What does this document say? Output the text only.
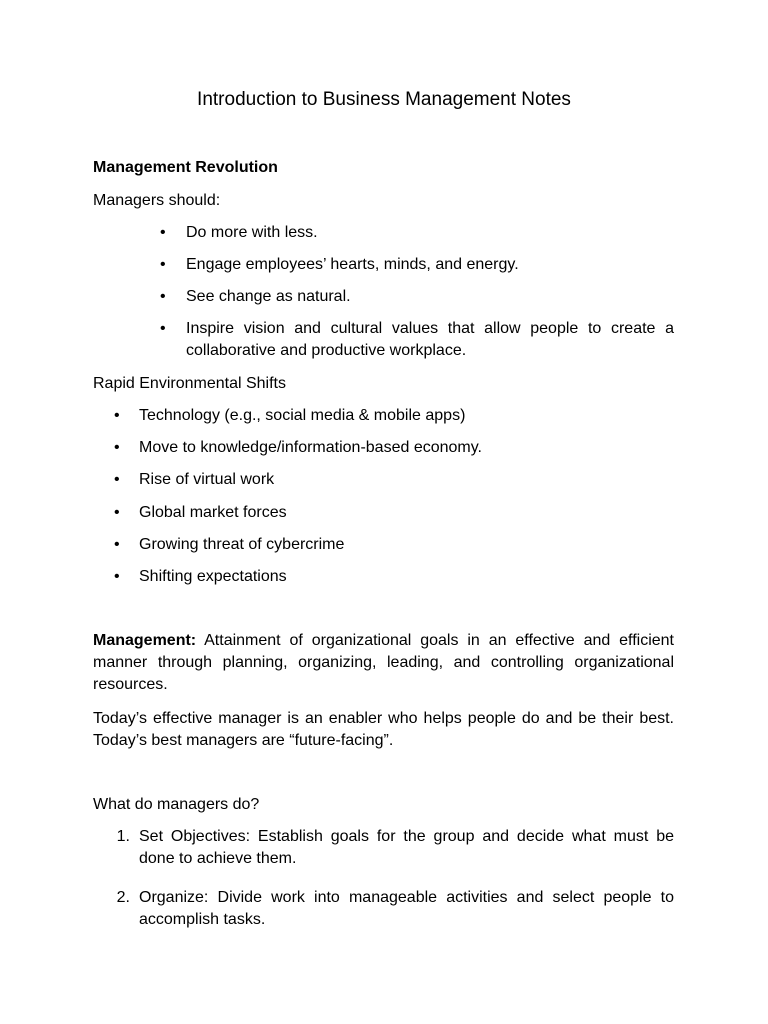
Introduction to Business Management Notes

Management Revolution

Managers should:

• Do more with less.

• Engage employees’ hearts, minds, and energy.

• See change as natural.

• Inspire vision and cultural values that allow people to create a collaborative and productive workplace.

Rapid Environmental Shifts

• Technology (e.g., social media & mobile apps)

• Move to knowledge/information-based economy.

• Rise of virtual work

• Global market forces

• Growing threat of cybercrime

• Shifting expectations

Management: Attainment of organizational goals in an effective and efficient manner through planning, organizing, leading, and controlling organizational resources.

Today’s effective manager is an enabler who helps people do and be their best. Today’s best managers are “future-facing”.

What do managers do?

1. Set Objectives: Establish goals for the group and decide what must be done to achieve them.

2. Organize: Divide work into manageable activities and select people to accomplish tasks.
